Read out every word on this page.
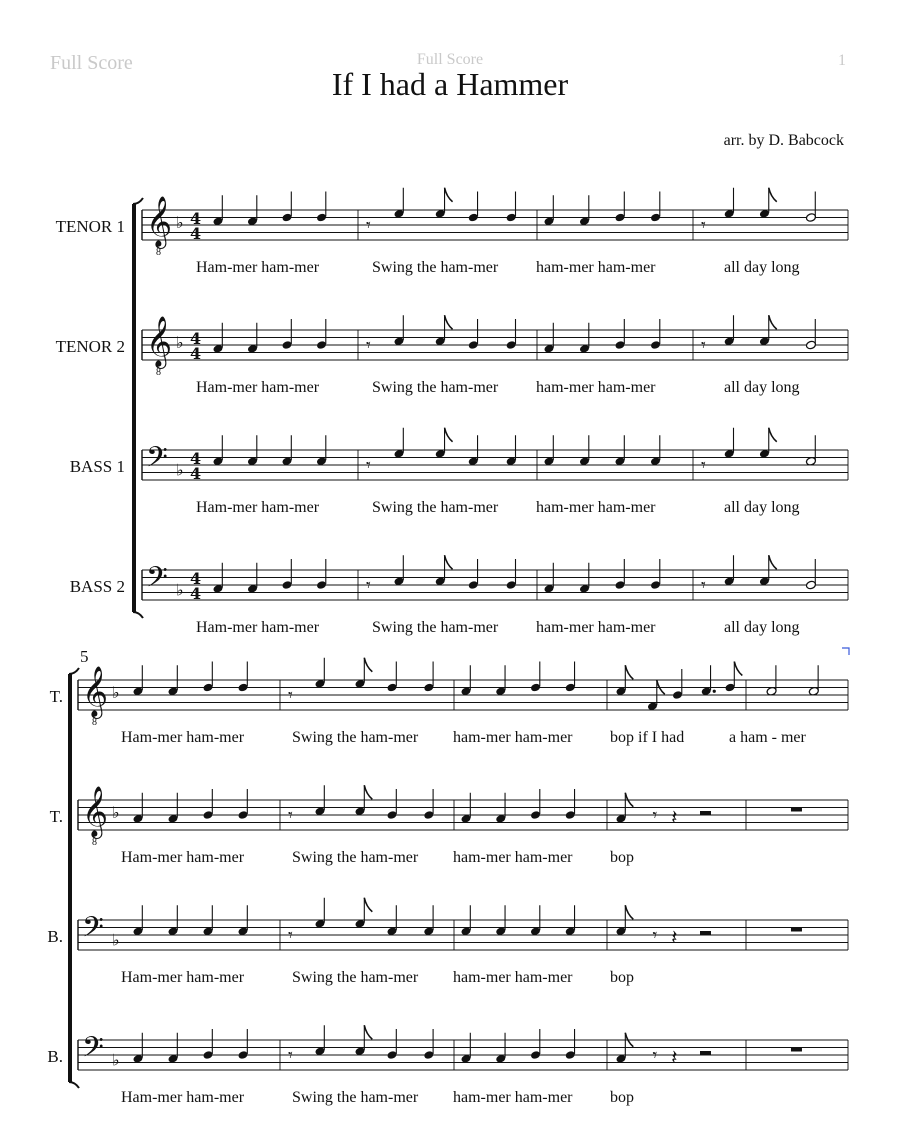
Full Score	Full Score	1
If I had a Hammer
arr. by D. Babcock
TENOR 1 𝄞
8
♭ 4
4	𝄾	𝄾
Ham-mer ham-mer	Swing the ham-mer ham-mer ham-mer	all day long
TENOR 2 𝄞
8
♭ 4
4	𝄾	𝄾
Ham-mer ham-mer	Swing the ham-mer ham-mer ham-mer	all day long
BASS 1 𝄢 ♭
4
4	𝄾	𝄾
Ham-mer ham-mer	Swing the ham-mer ham-mer ham-mer	all day long
BASS 2 𝄢 ♭
4
4	𝄾	𝄾
Ham-mer ham-mer	Swing the ham-mer ham-mer ham-mer	all day long
5
T. 𝄞
8
♭	𝄾
Ham-mer ham-mer	Swing the ham-mer ham-mer ham-mer bop if I had	a ham - mer
T. 𝄞
8
♭	𝄾	𝄾 𝄽
Ham-mer ham-mer	Swing the ham-mer ham-mer ham-mer bop
B. 𝄢 ♭	𝄾	𝄾 𝄽
Ham-mer ham-mer	Swing the ham-mer ham-mer ham-mer bop
B. 𝄢 ♭	𝄾	𝄾 𝄽
Ham-mer ham-mer	Swing the ham-mer ham-mer ham-mer bop
